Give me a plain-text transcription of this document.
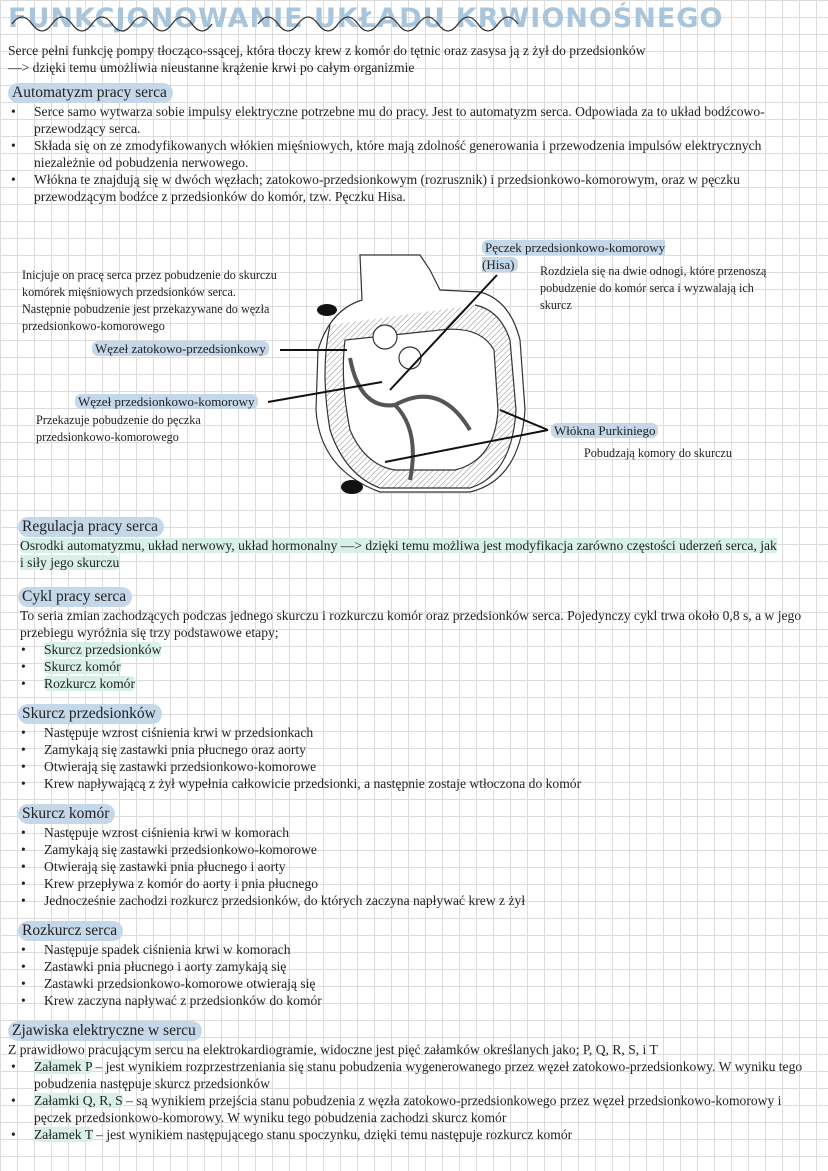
FUNKCJONOWANIE UKŁADU KRWIONOŚNEGO
Serce pełni funkcję pompy tłocząco-ssącej, która tłoczy krew z komór do tętnic oraz zasysa ją z żył do przedsionków
—> dzięki temu umożliwia nieustanne krążenie krwi po całym organizmie
Automatyzm pracy serca
• Serce samo wytwarza sobie impulsy elektryczne potrzebne mu do pracy. Jest to automatyzm serca. Odpowiada za to układ bodźcowo-przewodzący serca.
• Składa się on ze zmodyfikowanych włókien mięśniowych, które mają zdolność generowania i przewodzenia impulsów elektrycznych niezależnie od pobudzenia nerwowego.
• Włókna te znajdują się w dwóch węzłach; zatokowo-przedsionkowym (rozrusznik) i przedsionkowo-komorowym, oraz w pęczku przewodzącym bodźce z przedsionków do komór, tzw. Pęczku Hisa.
Inicjuje on pracę serca przez pobudzenie do skurczu komórek mięśniowych przedsionków serca. Następnie pobudzenie jest przekazywane do węzła przedsionkowo-komorowego
Węzeł zatokowo-przedsionkowy
Węzeł przedsionkowo-komorowy
Przekazuje pobudzenie do pęczka przedsionkowo-komorowego
Pęczek przedsionkowo-komorowy (Hisa)	Rozdziela się na dwie odnogi, które przenoszą pobudzenie do komór serca i wyzwalają ich skurcz
Włókna Purkiniego
Pobudzają komory do skurczu
Regulacja pracy serca
Osrodki automatyzmu, układ nerwowy, układ hormonalny —> dzięki temu możliwa jest modyfikacja zarówno częstości uderzeń serca, jak i siły jego skurczu
Cykl pracy serca
To seria zmian zachodzących podczas jednego skurczu i rozkurczu komór oraz przedsionków serca. Pojedynczy cykl trwa około 0,8 s, a w jego przebiegu wyróżnia się trzy podstawowe etapy;
• Skurcz przedsionków
• Skurcz komór
• Rozkurcz komór
Skurcz przedsionków
• Następuje wzrost ciśnienia krwi w przedsionkach
• Zamykają się zastawki pnia płucnego oraz aorty
• Otwierają się zastawki przedsionkowo-komorowe
• Krew napływającą z żył wypełnia całkowicie przedsionki, a następnie zostaje wtłoczona do komór
Skurcz komór
• Następuje wzrost ciśnienia krwi w komorach
• Zamykają się zastawki przedsionkowo-komorowe
• Otwierają się zastawki pnia płucnego i aorty
• Krew przepływa z komór do aorty i pnia płucnego
• Jednocześnie zachodzi rozkurcz przedsionków, do których zaczyna napływać krew z żył
Rozkurcz serca
• Następuje spadek ciśnienia krwi w komorach
• Zastawki pnia płucnego i aorty zamykają się
• Zastawki przedsionkowo-komorowe otwierają się
• Krew zaczyna napływać z przedsionków do komór
Zjawiska elektryczne w sercu
Z prawidłowo pracującym sercu na elektrokardiogramie, widoczne jest pięć załamków określanych jako; P, Q, R, S, i T
• Załamek P – jest wynikiem rozprzestrzeniania się stanu pobudzenia wygenerowanego przez węzeł zatokowo-przedsionkowy. W wyniku tego pobudzenia następuje skurcz przedsionków
• Załamki Q, R, S – są wynikiem przejścia stanu pobudzenia z węzła zatokowo-przedsionkowego przez węzeł przedsionkowo-komorowy i pęczek przedsionkowo-komorowy. W wyniku tego pobudzenia zachodzi skurcz komór
• Załamek T – jest wynikiem następującego stanu spoczynku, dzięki temu następuje rozkurcz komór
